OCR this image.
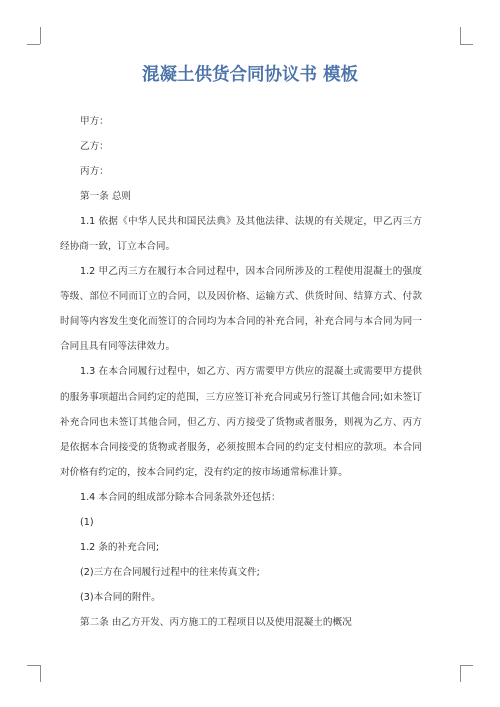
混凝土供货合同协议书 模板
甲方：
乙方：
丙方：
第一条 总则
1.1 依据《中华人民共和国民法典》及其他法律、法规的有关规定，甲乙丙三方
经协商一致，订立本合同。
1.2 甲乙丙三方在履行本合同过程中，因本合同所涉及的工程使用混凝土的强度
等级、部位不同而订立的合同，以及因价格、运输方式、供货时间、结算方式、付款
时间等内容发生变化而签订的合同均为本合同的补充合同，补充合同与本合同为同一
合同且具有同等法律效力。
1.3 在本合同履行过程中，如乙方、丙方需要甲方供应的混凝土或需要甲方提供
的服务事项超出合同约定的范围，三方应签订补充合同或另行签订其他合同;如未签订
补充合同也未签订其他合同，但乙方、丙方接受了货物或者服务，则视为乙方、丙方
是依据本合同接受的货物或者服务，必须按照本合同的约定支付相应的款项。本合同
对价格有约定的，按本合同约定，没有约定的按市场通常标准计算。
1.4 本合同的组成部分除本合同条款外还包括：
(1)
1.2 条的补充合同;
(2)三方在合同履行过程中的往来传真文件;
(3)本合同的附件。
第二条 由乙方开发、丙方施工的工程项目以及使用混凝土的概况
